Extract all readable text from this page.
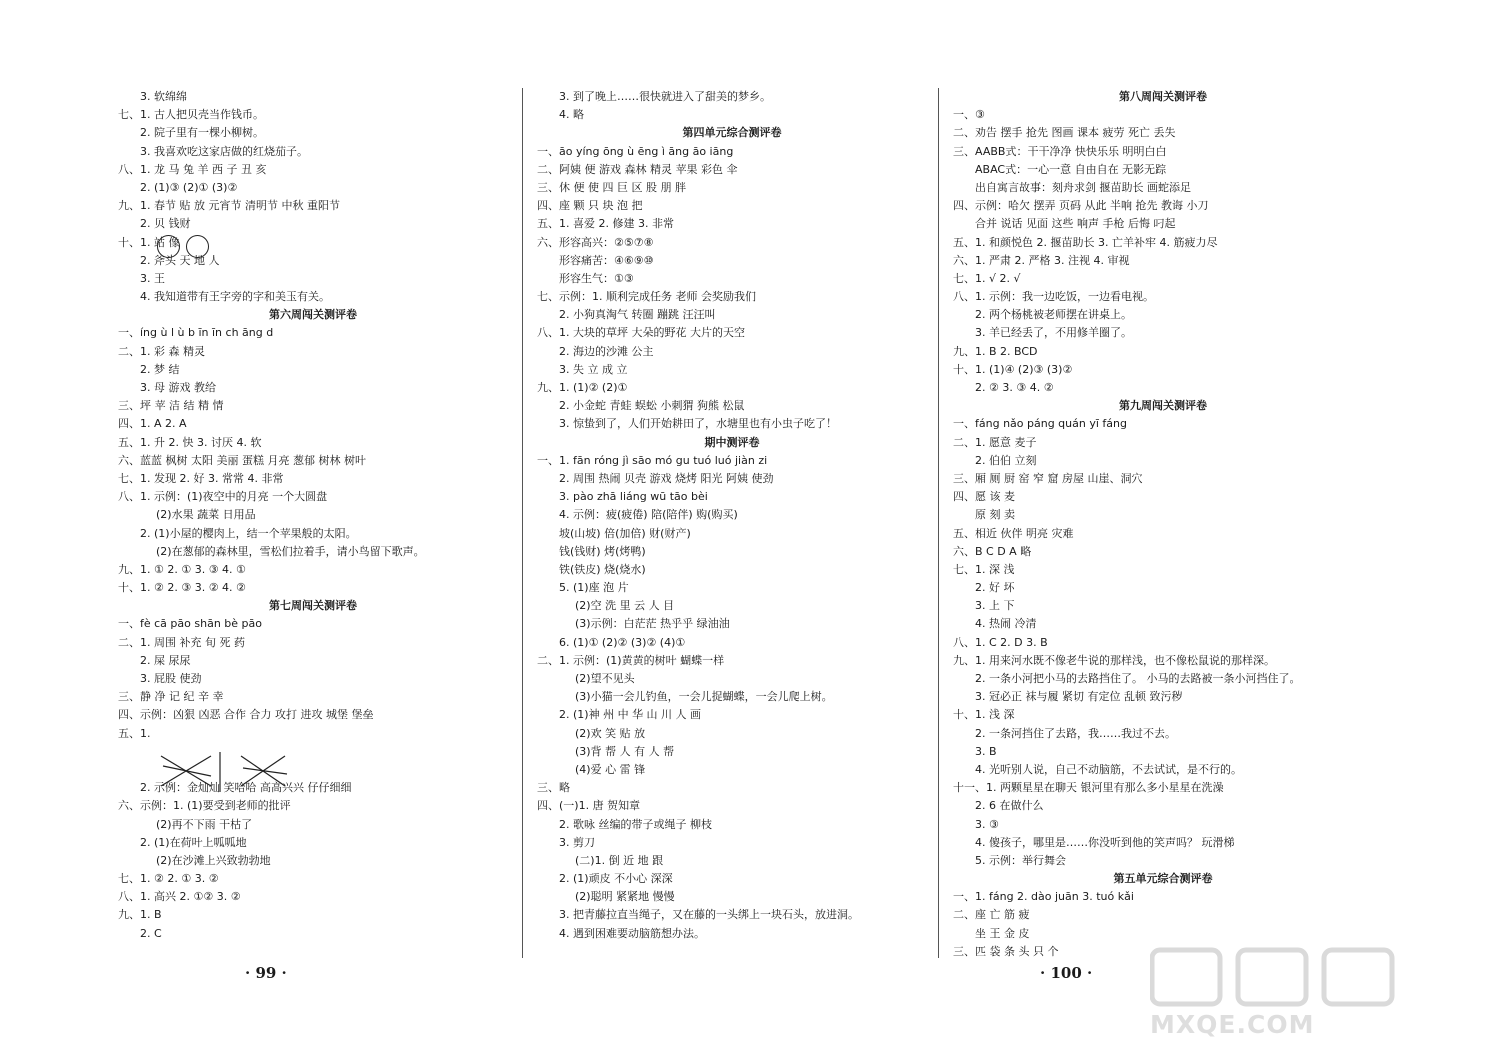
3. 软绵绵
七、1. 古人把贝壳当作钱币。
2. 院子里有一棵小柳树。
3. 我喜欢吃这家店做的红烧茄子。
八、1. 龙 马 兔 羊 西 子 丑 亥
2. (1)③ (2)① (3)②
九、1. 春节 贴 放 元宵节 清明节 中秋 重阳节
2. 贝 钱财
十、1. 站 像
2. 斧头 天 地 人
3. 王
4. 我知道带有王字旁的字和美玉有关。
第六周闯关测评卷
一、íng ù l ù b īn īn ch āng d
二、1. 彩 森 精灵
2. 梦 结
3. 母 游戏 教给
三、坪 苹 洁 结 精 情
四、1. A 2. A
五、1. 升 2. 快 3. 讨厌 4. 软
六、蓝蓝 枫树 太阳 美丽 蛋糕 月亮 葱郁 树林 树叶
七、1. 发现 2. 好 3. 常常 4. 非常
八、1. 示例：(1)夜空中的月亮 一个大圆盘
(2)水果 蔬菜 日用品
2. (1)小屋的樱肉上，结一个苹果般的太阳。
(2)在葱郁的森林里，雪松们拉着手，请小鸟留下歌声。
九、1. ① 2. ① 3. ③ 4. ①
十、1. ② 2. ③ 3. ② 4. ②
第七周闯关测评卷
一、fè cā pāo shān bè pāo
二、1. 周围 补充 旬 死 药
2. 屎 尿尿
3. 屁股 使劲
三、静 净 记 纪 辛 幸
四、示例：凶狠 凶恶 合作 合力 攻打 进攻 城堡 堡垒
五、1.
2. 示例：金灿灿 笑哈哈 高高兴兴 仔仔细细
六、示例：1. (1)要受到老师的批评
(2)再不下雨 干枯了
2. (1)在荷叶上呱呱地
(2)在沙滩上兴致勃勃地
七、1. ② 2. ① 3. ②
八、1. 高兴 2. ①② 3. ②
九、1. B
2. C
3. 到了晚上……很快就进入了甜美的梦乡。
4. 略
第四单元综合测评卷
一、āo yíng ōng ù ēng ì āng āo iāng
二、阿姨 便 游戏 森林 精灵 苹果 彩色 伞
三、休 便 使 四 巨 区 股 朋 胖
四、座 颗 只 块 泡 把
五、1. 喜爱 2. 修建 3. 非常
六、形容高兴：②⑤⑦⑧
形容痛苦：④⑥⑨⑩
形容生气：①③
七、示例：1. 顺利完成任务 老师 会奖励我们
2. 小狗真淘气 转圈 蹦跳 汪汪叫
八、1. 大块的草坪 大朵的野花 大片的天空
2. 海边的沙滩 公主
3. 失 立 成 立
九、1. (1)② (2)①
2. 小金蛇 青蛙 蜈蚣 小刺猬 狗熊 松鼠
3. 惊蛰到了，人们开始耕田了，水塘里也有小虫子吃了！
期中测评卷
一、1. fān róng jì sāo mó gu tuó luó jiàn zi
2. 周围 热闹 贝壳 游戏 烧烤 阳光 阿姨 使劲
3. pào zhā liáng wū tāo bèi
4. 示例：疲(疲倦) 陪(陪伴) 购(购买)
坡(山坡) 倍(加倍) 财(财产)
钱(钱财) 烤(烤鸭)
铁(铁皮) 烧(烧水)
5. (1)座 泡 片
(2)空 洗 里 云 人 目
(3)示例：白茫茫 热乎乎 绿油油
6. (1)① (2)② (3)② (4)①
二、1. 示例：(1)黄黄的树叶 蝴蝶一样
(2)望不见头
(3)小猫一会儿钓鱼，一会儿捉蝴蝶，一会儿爬上树。
2. (1)神 州 中 华 山 川 人 画
(2)欢 笑 贴 放
(3)背 帮 人 有 人 帮
(4)爱 心 雷 锋
三、略
四、(一)1. 唐 贺知章
2. 歌咏 丝编的带子或绳子 柳枝
3. 剪刀
(二)1. 倒 近 地 跟
2. (1)顽皮 不小心 深深
(2)聪明 紧紧地 慢慢
3. 把青藤拉直当绳子，又在藤的一头绑上一块石头，放进洞。
4. 遇到困难要动脑筋想办法。
第八周闯关测评卷
一、③
二、劝告 摆手 抢先 图画 课本 疲劳 死亡 丢失
三、AABB式：干干净净 快快乐乐 明明白白
ABAC式：一心一意 自由自在 无影无踪
出自寓言故事：刻舟求剑 揠苗助长 画蛇添足
四、示例：哈欠 摆弄 页码 从此 半响 抢先 教诲 小刀
合并 说话 见面 这些 响声 手枪 后悔 叼起
五、1. 和颜悦色 2. 揠苗助长 3. 亡羊补牢 4. 筋疲力尽
六、1. 严肃 2. 严格 3. 注视 4. 审视
七、1. √ 2. √
八、1. 示例：我一边吃饭，一边看电视。
2. 两个杨桃被老师摆在讲桌上。
3. 羊已经丢了，不用修羊圈了。
九、1. B 2. BCD
十、1. (1)④ (2)③ (3)②
2. ② 3. ③ 4. ②
第九周闯关测评卷
一、fáng nǎo páng quán yī fáng
二、1. 愿意 麦子
2. 伯伯 立刻
三、厢 厕 厨 窑 窄 窟 房屋 山崖、洞穴
四、愿 该 麦
原 刻 卖
五、相近 伙伴 明亮 灾难
六、B C D A 略
七、1. 深 浅
2. 好 坏
3. 上 下
4. 热闹 冷清
八、1. C 2. D 3. B
九、1. 用来河水既不像老牛说的那样浅，也不像松鼠说的那样深。
2. 一条小河把小马的去路挡住了。 小马的去路被一条小河挡住了。
3. 冠必正 袜与履 紧切 有定位 乱顿 致污秽
十、1. 浅 深
2. 一条河挡住了去路，我……我过不去。
3. B
4. 光听别人说，自己不动脑筋，不去试试，是不行的。
十一、1. 两颗星星在聊天 银河里有那么多小星星在洗澡
2. 6 在做什么
3. ③
4. 傻孩子，哪里是……你没听到他的笑声吗？ 玩滑梯
5. 示例：举行舞会
第五单元综合测评卷
一、1. fáng 2. dào juān 3. tuó kǎi
二、座 亡 筋 疲
坐 王 金 皮
三、匹 袋 条 头 只 个
· 99 ·	· 100 ·
MXQE.COM
